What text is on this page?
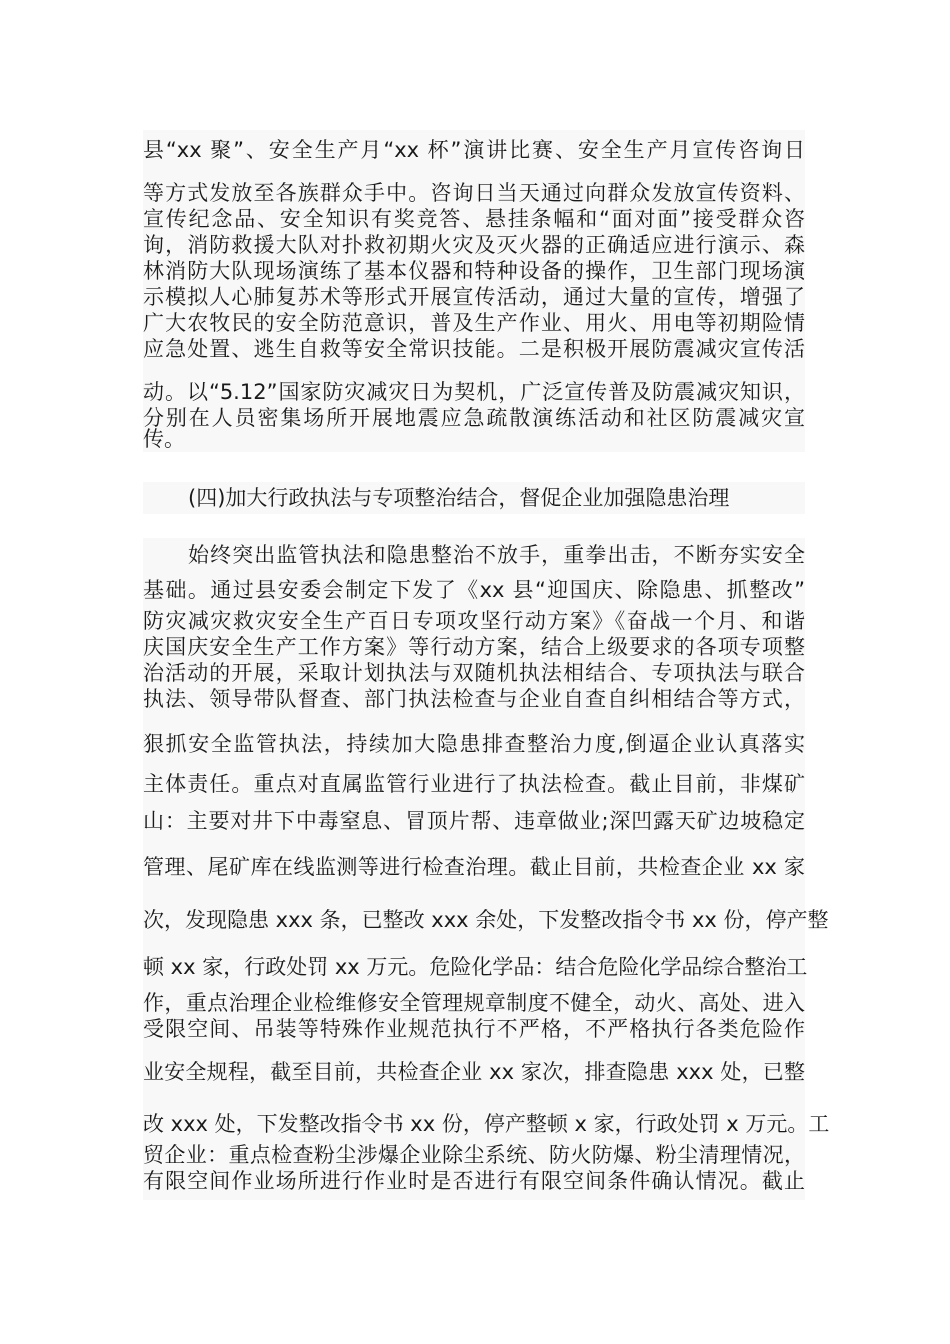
县“xx 聚”、安全生产月“xx 杯”演讲比赛、安全生产月宣传咨询日
等方式发放至各族群众手中。咨询日当天通过向群众发放宣传资料、
宣传纪念品、安全知识有奖竞答、悬挂条幅和“面对面”接受群众咨
询，消防救援大队对扑救初期火灾及灭火器的正确适应进行演示、森
林消防大队现场演练了基本仪器和特种设备的操作，卫生部门现场演
示模拟人心肺复苏术等形式开展宣传活动，通过大量的宣传，增强了
广大农牧民的安全防范意识，普及生产作业、用火、用电等初期险情
应急处置、逃生自救等安全常识技能。二是积极开展防震减灾宣传活
动。以“5.12”国家防灾减灾日为契机，广泛宣传普及防震减灾知识，
分别在人员密集场所开展地震应急疏散演练活动和社区防震减灾宣
传。
(四)加大行政执法与专项整治结合，督促企业加强隐患治理
始终突出监管执法和隐患整治不放手，重拳出击，不断夯实安全
基础。通过县安委会制定下发了《xx 县“迎国庆、除隐患、抓整改”
防灾减灾救灾安全生产百日专项攻坚行动方案》《奋战一个月、和谐
庆国庆安全生产工作方案》等行动方案，结合上级要求的各项专项整
治活动的开展，采取计划执法与双随机执法相结合、专项执法与联合
执法、领导带队督查、部门执法检查与企业自查自纠相结合等方式，
狠抓安全监管执法，持续加大隐患排查整治力度,倒逼企业认真落实
主体责任。重点对直属监管行业进行了执法检查。截止目前，非煤矿
山：主要对井下中毒窒息、冒顶片帮、违章做业;深凹露天矿边坡稳定
管理、尾矿库在线监测等进行检查治理。截止目前，共检查企业 xx 家
次，发现隐患 xxx 条，已整改 xxx 余处，下发整改指令书 xx 份，停产整
顿 xx 家，行政处罚 xx 万元。危险化学品：结合危险化学品综合整治工
作，重点治理企业检维修安全管理规章制度不健全，动火、高处、进入
受限空间、吊装等特殊作业规范执行不严格，不严格执行各类危险作
业安全规程，截至目前，共检查企业 xx 家次，排查隐患 xxx 处，已整
改 xxx 处，下发整改指令书 xx 份，停产整顿 x 家，行政处罚 x 万元。工
贸企业：重点检查粉尘涉爆企业除尘系统、防火防爆、粉尘清理情况，
有限空间作业场所进行作业时是否进行有限空间条件确认情况。截止
